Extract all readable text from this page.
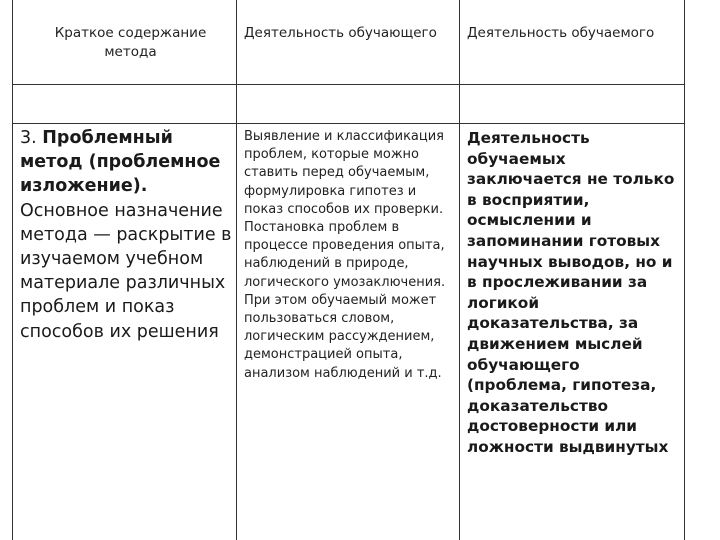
Краткое содержание метода
Деятельность обучающего	Деятельность обучаемого
3. Проблемный метод (проблемное изложение). Основное назначение метода — раскрытие в изучаемом учебном материале различных проблем и показ способов их решения
Выявление и классификация проблем, которые можно ставить перед обучаемым, формулировка гипотез и показ способов их проверки. Постановка проблем в процессе проведения опыта, наблюдений в природе, логического умозаключения. При этом обучаемый может пользоваться словом, логическим рассуждением, демонстрацией опыта, анализом наблюдений и т.д.
Деятельность обучаемых заключается не только в восприятии, осмыслении и запоминании готовых научных выводов, но и в прослеживании за логикой доказательства, за движением мыслей обучающего (проблема, гипотеза, доказательство достоверности или ложности выдвинутых
